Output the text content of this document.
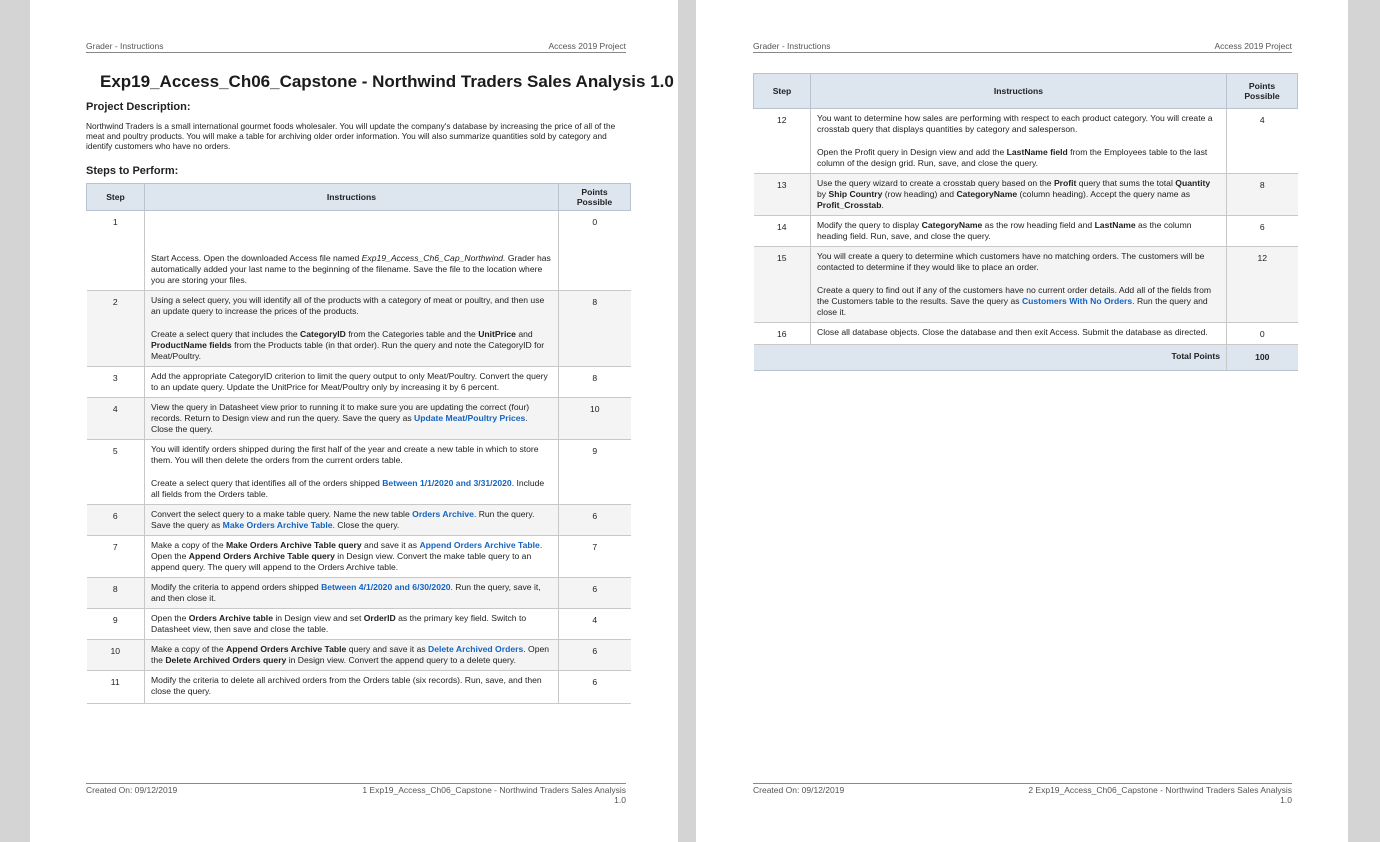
Grader - Instructions	Access 2019 Project
Exp19_Access_Ch06_Capstone - Northwind Traders Sales Analysis 1.0
Project Description:
Northwind Traders is a small international gourmet foods wholesaler. You will update the company's database by increasing the price of all of the meat and poultry products. You will make a table for archiving older order information. You will also summarize quantities sold by category and identify customers who have no orders.
Steps to Perform:
Step	Instructions	Points Possible
1	Start Access. Open the downloaded Access file named Exp19_Access_Ch6_Cap_Northwind. Grader has automatically added your last name to the beginning of the filename. Save the file to the location where you are storing your files.	0
2	Using a select query, you will identify all of the products with a category of meat or poultry, and then use an update query to increase the prices of the products.

Create a select query that includes the CategoryID from the Categories table and the UnitPrice and ProductName fields from the Products table (in that order). Run the query and note the CategoryID for Meat/Poultry.	8
3	Add the appropriate CategoryID criterion to limit the query output to only Meat/Poultry. Convert the query to an update query. Update the UnitPrice for Meat/Poultry only by increasing it by 6 percent.	8
4	View the query in Datasheet view prior to running it to make sure you are updating the correct (four) records. Return to Design view and run the query. Save the query as Update Meat/Poultry Prices. Close the query.	10
5	You will identify orders shipped during the first half of the year and create a new table in which to store them. You will then delete the orders from the current orders table.

Create a select query that identifies all of the orders shipped Between 1/1/2020 and 3/31/2020. Include all fields from the Orders table.	9
6	Convert the select query to a make table query. Name the new table Orders Archive. Run the query. Save the query as Make Orders Archive Table. Close the query.	6
7	Make a copy of the Make Orders Archive Table query and save it as Append Orders Archive Table. Open the Append Orders Archive Table query in Design view. Convert the make table query to an append query. The query will append to the Orders Archive table.	7
8	Modify the criteria to append orders shipped Between 4/1/2020 and 6/30/2020. Run the query, save it, and then close it.	6
9	Open the Orders Archive table in Design view and set OrderID as the primary key field. Switch to Datasheet view, then save and close the table.	4
10	Make a copy of the Append Orders Archive Table query and save it as Delete Archived Orders. Open the Delete Archived Orders query in Design view. Convert the append query to a delete query.	6
11	Modify the criteria to delete all archived orders from the Orders table (six records). Run, save, and then close the query.	6
Created On: 09/12/2019	1 Exp19_Access_Ch06_Capstone - Northwind Traders Sales Analysis
1.0
Grader - Instructions	Access 2019 Project
Step	Instructions	Points Possible
12	You want to determine how sales are performing with respect to each product category. You will create a crosstab query that displays quantities by category and salesperson.

Open the Profit query in Design view and add the LastName field from the Employees table to the last column of the design grid. Run, save, and close the query.	4
13	Use the query wizard to create a crosstab query based on the Profit query that sums the total Quantity by Ship Country (row heading) and CategoryName (column heading). Accept the query name as Profit_Crosstab.	8
14	Modify the query to display CategoryName as the row heading field and LastName as the column heading field. Run, save, and close the query.	6
15	You will create a query to determine which customers have no matching orders. The customers will be contacted to determine if they would like to place an order.

Create a query to find out if any of the customers have no current order details. Add all of the fields from the Customers table to the results. Save the query as Customers With No Orders. Run the query and close it.	12
16	Close all database objects. Close the database and then exit Access. Submit the database as directed.	0
Total Points		100
Created On: 09/12/2019	2 Exp19_Access_Ch06_Capstone - Northwind Traders Sales Analysis
1.0
